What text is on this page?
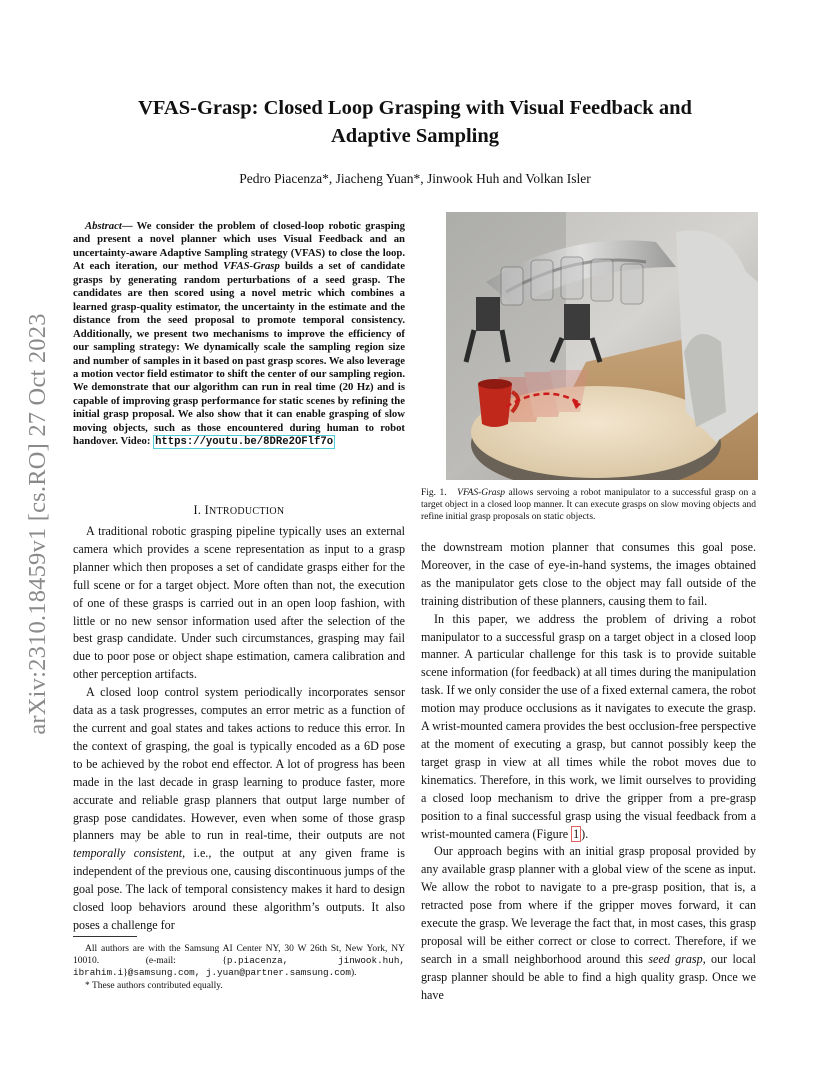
arXiv:2310.18459v1 [cs.RO] 27 Oct 2023
VFAS-Grasp: Closed Loop Grasping with Visual Feedback and
Adaptive Sampling
Pedro Piacenza*, Jiacheng Yuan*, Jinwook Huh and Volkan Isler
Abstract— We consider the problem of closed-loop robotic grasping and present a novel planner which uses Visual Feedback and an uncertainty-aware Adaptive Sampling strategy (VFAS) to close the loop. At each iteration, our method VFAS-Grasp builds a set of candidate grasps by generating random perturbations of a seed grasp. The candidates are then scored using a novel metric which combines a learned grasp-quality estimator, the uncertainty in the estimate and the distance from the seed proposal to promote temporal consistency. Additionally, we present two mechanisms to improve the efficiency of our sampling strategy: We dynamically scale the sampling region size and number of samples in it based on past grasp scores. We also leverage a motion vector field estimator to shift the center of our sampling region. We demonstrate that our algorithm can run in real time (20 Hz) and is capable of improving grasp performance for static scenes by refining the initial grasp proposal. We also show that it can enable grasping of slow moving objects, such as those encountered during human to robot handover. Video: https://youtu.be/8DRe2OFlf7o
I. INTRODUCTION

A traditional robotic grasping pipeline typically uses an external camera which provides a scene representation as input to a grasp planner which then proposes a set of candidate grasps either for the full scene or for a target object. More often than not, the execution of one of these grasps is carried out in an open loop fashion, with little or no new sensor information used after the selection of the best grasp candidate. Under such circumstances, grasping may fail due to poor pose or object shape estimation, camera calibration and other perception artifacts.

A closed loop control system periodically incorporates sensor data as a task progresses, computes an error metric as a function of the current and goal states and takes actions to reduce this error. In the context of grasping, the goal is typically encoded as a 6D pose to be achieved by the robot end effector. A lot of progress has been made in the last decade in grasp learning to produce faster, more accurate and reliable grasp planners that output large number of grasp pose candidates. However, even when some of those grasp planners may be able to run in real-time, their outputs are not temporally consistent, i.e., the output at any given frame is independent of the previous one, causing discontinuous jumps of the goal pose. The lack of temporal consistency makes it hard to design closed loop behaviors around these algorithm’s outputs. It also poses a challenge for

All authors are with the Samsung AI Center NY, 30 W 26th St, New York, NY 10010. (e-mail: {p.piacenza, jinwook.huh, ibrahim.i}@samsung.com, j.yuan@partner.samsung.com).

* These authors contributed equally.

Fig. 1. VFAS-Grasp allows servoing a robot manipulator to a successful grasp on a target object in a closed loop manner. It can execute grasps on slow moving objects and refine initial grasp proposals on static objects.

the downstream motion planner that consumes this goal pose. Moreover, in the case of eye-in-hand systems, the images obtained as the manipulator gets close to the object may fall outside of the training distribution of these planners, causing them to fail.

In this paper, we address the problem of driving a robot manipulator to a successful grasp on a target object in a closed loop manner. A particular challenge for this task is to provide suitable scene information (for feedback) at all times during the manipulation task. If we only consider the use of a fixed external camera, the robot motion may produce occlusions as it navigates to execute the grasp. A wrist-mounted camera provides the best occlusion-free perspective at the moment of executing a grasp, but cannot possibly keep the target grasp in view at all times while the robot moves due to kinematics. Therefore, in this work, we limit ourselves to providing a closed loop mechanism to drive the gripper from a pre-grasp position to a final successful grasp using the visual feedback from a wrist-mounted camera (Figure 1 ).

Our approach begins with an initial grasp proposal provided by any available grasp planner with a global view of the scene as input. We allow the robot to navigate to a pre-grasp position, that is, a retracted pose from where if the gripper moves forward, it can execute the grasp. We leverage the fact that, in most cases, this grasp proposal will be either correct or close to correct. Therefore, if we search in a small neighborhood around this seed grasp, our local grasp planner should be able to find a high quality grasp. Once we have
